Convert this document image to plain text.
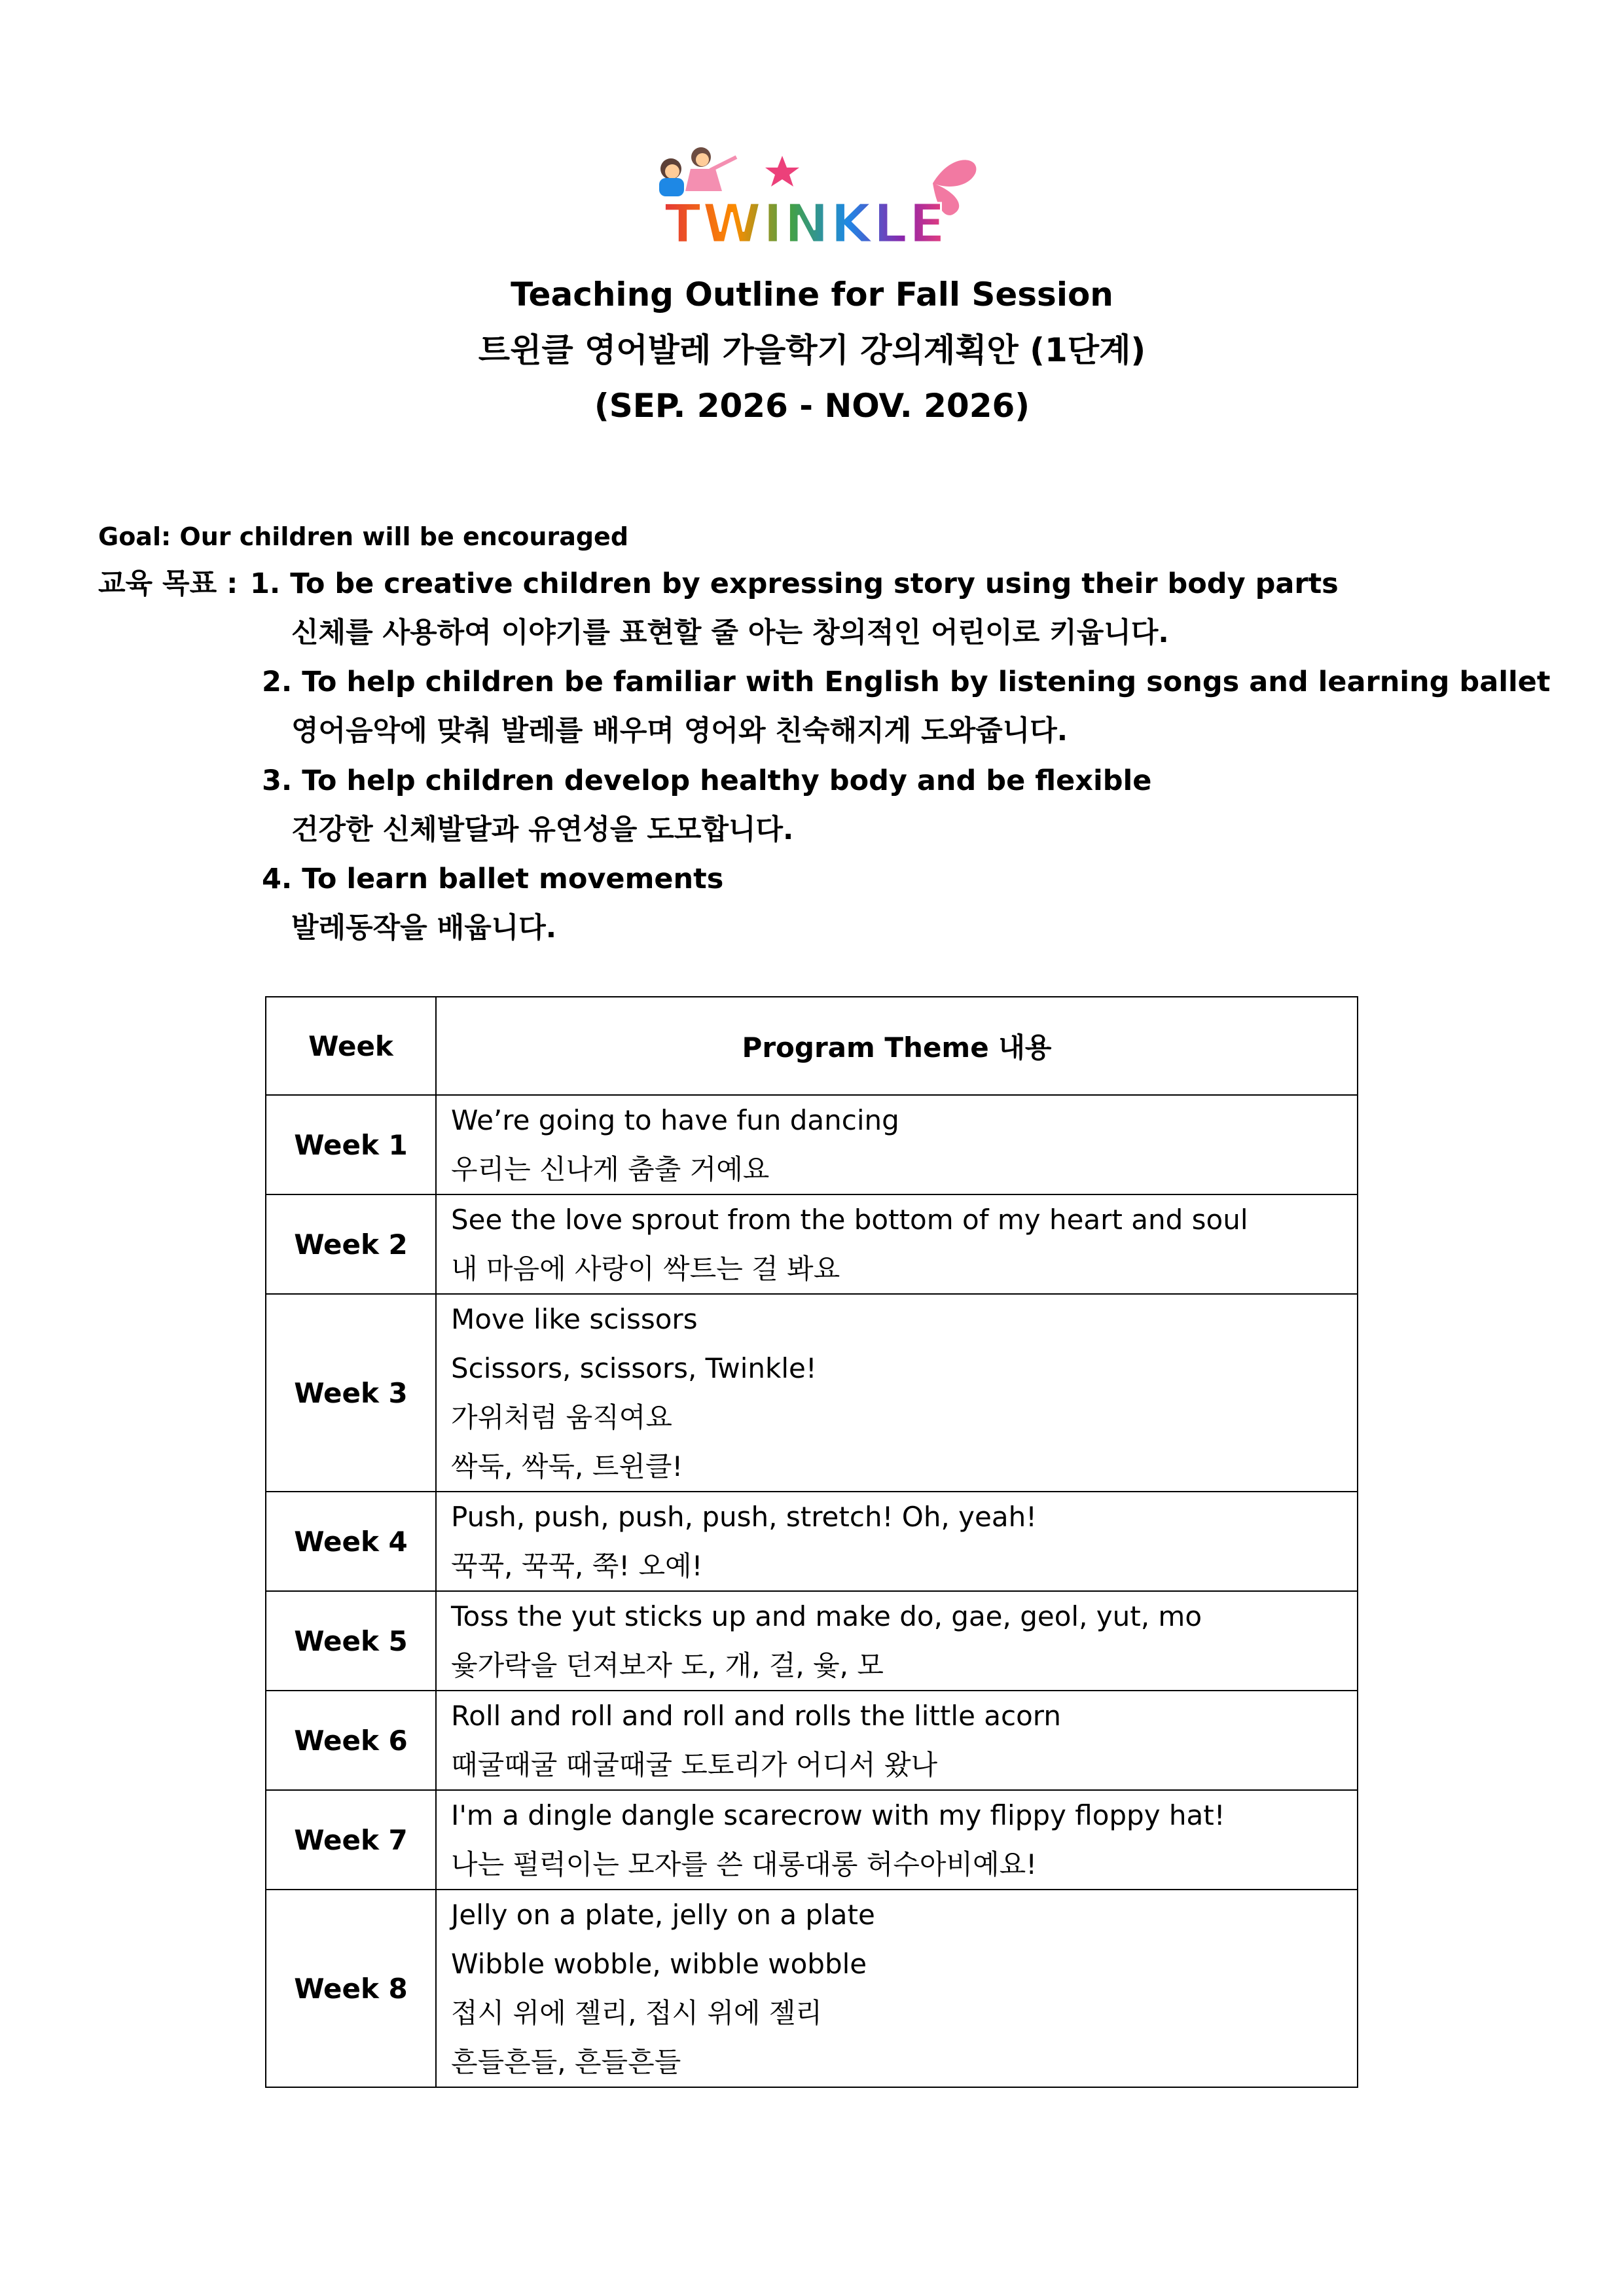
TWINKLE
Teaching Outline for Fall Session
트윈클 영어발레 가을학기 강의계획안 (1단계)
(SEP. 2026 - NOV. 2026)
Goal: Our children will be encouraged
교육 목표 : 1. To be creative children by expressing story using their body parts
신체를 사용하여 이야기를 표현할 줄 아는 창의적인 어린이로 키웁니다.
2. To help children be familiar with English by listening songs and learning ballet
영어음악에 맞춰 발레를 배우며 영어와 친숙해지게 도와줍니다.
3. To help children develop healthy body and be flexible
건강한 신체발달과 유연성을 도모합니다.
4. To learn ballet movements
발레동작을 배웁니다.
Week	Program Theme 내용
Week 1	We’re going to have fun dancing
우리는 신나게 춤출 거예요

Week 2	See the love sprout from the bottom of my heart and soul
내 마음에 사랑이 싹트는 걸 봐요

Week 3	Move like scissors
Scissors, scissors, Twinkle!
가위처럼 움직여요
싹둑, 싹둑, 트윈클!

Week 4	Push, push, push, push, stretch! Oh, yeah!
꾹꾹, 꾹꾹, 쭉! 오예!

Week 5	Toss the yut sticks up and make do, gae, geol, yut, mo
윷가락을 던져보자 도, 개, 걸, 윷, 모

Week 6	Roll and roll and roll and rolls the little acorn
때굴때굴 때굴때굴 도토리가 어디서 왔나

Week 7	I'm a dingle dangle scarecrow with my flippy floppy hat!
나는 펄럭이는 모자를 쓴 대롱대롱 허수아비예요!

Week 8	Jelly on a plate, jelly on a plate
Wibble wobble, wibble wobble
접시 위에 젤리, 접시 위에 젤리
흔들흔들, 흔들흔들
